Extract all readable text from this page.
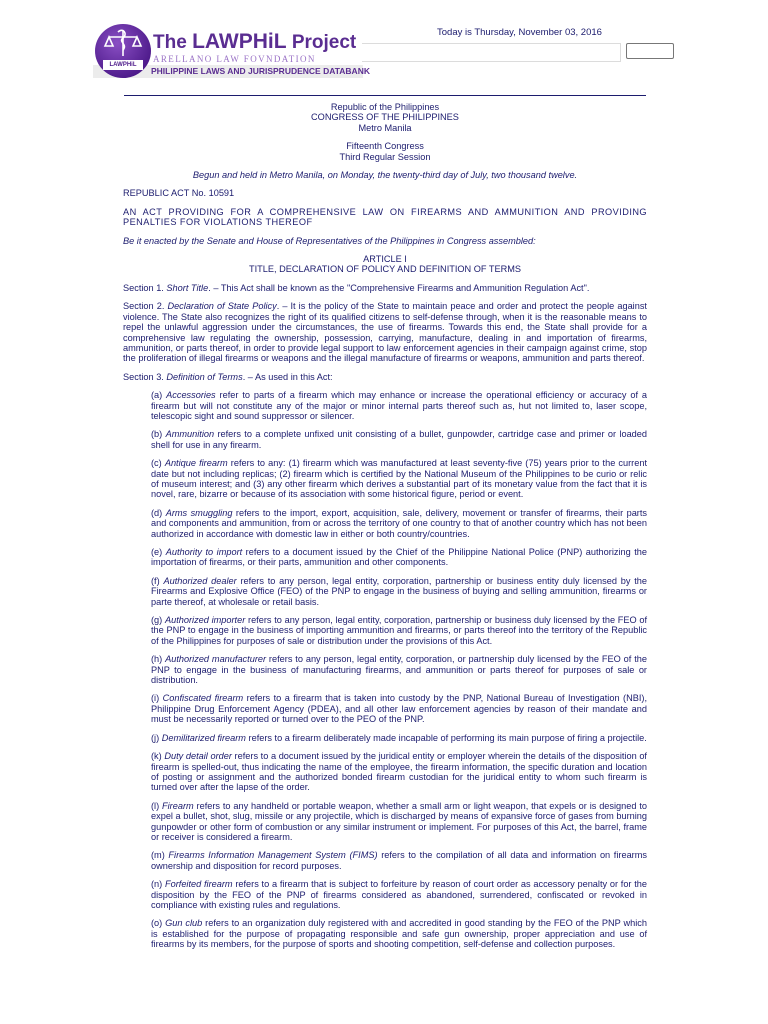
PHILIPPINE LAWS AND JURISPRUDENCE DATABANK
LAWPHiL
The LAWPHiL Project
ARELLANO LAW FOVNDATION
Today is Thursday, November 03, 2016

Republic of the Philippines

CONGRESS OF THE PHILIPPINES

Metro Manila

Fifteenth Congress

Third Regular Session

Begun and held in Metro Manila, on Monday, the twenty-third day of July, two thousand twelve.

REPUBLIC ACT No. 10591

AN ACT PROVIDING FOR A COMPREHENSIVE LAW ON FIREARMS AND AMMUNITION AND PROVIDING PENALTIES FOR VIOLATIONS THEREOF

Be it enacted by the Senate and House of Representatives of the Philippines in Congress assembled:

ARTICLE I

TITLE, DECLARATION OF POLICY AND DEFINITION OF TERMS

Section 1. Short Title. – This Act shall be known as the "Comprehensive Firearms and Ammunition Regulation Act".

Section 2. Declaration of State Policy. – It is the policy of the State to maintain peace and order and protect the people against violence. The State also recognizes the right of its qualified citizens to self-defense through, when it is the reasonable means to repel the unlawful aggression under the circumstances, the use of firearms. Towards this end, the State shall provide for a comprehensive law regulating the ownership, possession, carrying, manufacture, dealing in and importation of firearms, ammunition, or parts thereof, in order to provide legal support to law enforcement agencies in their campaign against crime, stop the proliferation of illegal firearms or weapons and the illegal manufacture of firearms or weapons, ammunition and parts thereof.

Section 3. Definition of Terms. – As used in this Act:

(a) Accessories refer to parts of a firearm which may enhance or increase the operational efficiency or accuracy of a firearm but will not constitute any of the major or minor internal parts thereof such as, hut not limited to, laser scope, telescopic sight and sound suppressor or silencer.

(b) Ammunition refers to a complete unfixed unit consisting of a bullet, gunpowder, cartridge case and primer or loaded shell for use in any firearm.

(c) Antique firearm refers to any: (1) firearm which was manufactured at least seventy-five (75) years prior to the current date but not including replicas; (2) firearm which is certified by the National Museum of the Philippines to be curio or relic of museum interest; and (3) any other firearm which derives a substantial part of its monetary value from the fact that it is novel, rare, bizarre or because of its association with some historical figure, period or event.

(d) Arms smuggling refers to the import, export, acquisition, sale, delivery, movement or transfer of firearms, their parts and components and ammunition, from or across the territory of one country to that of another country which has not been authorized in accordance with domestic law in either or both country/countries.

(e) Authority to import refers to a document issued by the Chief of the Philippine National Police (PNP) authorizing the importation of firearms, or their parts, ammunition and other components.

(f) Authorized dealer refers to any person, legal entity, corporation, partnership or business entity duly licensed by the Firearms and Explosive Office (FEO) of the PNP to engage in the business of buying and selling ammunition, firearms or parte thereof, at wholesale or retail basis.

(g) Authorized importer refers to any person, legal entity, corporation, partnership or business duly licensed by the FEO of the PNP to engage in the business of importing ammunition and firearms, or parts thereof into the territory of the Republic of the Philippines for purposes of sale or distribution under the provisions of this Act.

(h) Authorized manufacturer refers to any person, legal entity, corporation, or partnership duly licensed by the FEO of the PNP to engage in the business of manufacturing firearms, and ammunition or parts thereof for purposes of sale or distribution.

(i) Confiscated firearm refers to a firearm that is taken into custody by the PNP, National Bureau of Investigation (NBI), Philippine Drug Enforcement Agency (PDEA), and all other law enforcement agencies by reason of their mandate and must be necessarily reported or turned over to the PEO of the PNP.

(j) Demilitarized firearm refers to a firearm deliberately made incapable of performing its main purpose of firing a projectile.

(k) Duty detail order refers to a document issued by the juridical entity or employer wherein the details of the disposition of firearm is spelled-out, thus indicating the name of the employee, the firearm information, the specific duration and location of posting or assignment and the authorized bonded firearm custodian for the juridical entity to whom such firearm is turned over after the lapse of the order.

(l) Firearm refers to any handheld or portable weapon, whether a small arm or light weapon, that expels or is designed to expel a bullet, shot, slug, missile or any projectile, which is discharged by means of expansive force of gases from burning gunpowder or other form of combustion or any similar instrument or implement. For purposes of this Act, the barrel, frame or receiver is considered a firearm.

(m) Firearms Information Management System (FIMS) refers to the compilation of all data and information on firearms ownership and disposition for record purposes.

(n) Forfeited firearm refers to a firearm that is subject to forfeiture by reason of court order as accessory penalty or for the disposition by the FEO of the PNP of firearms considered as abandoned, surrendered, confiscated or revoked in compliance with existing rules and regulations.

(o) Gun club refers to an organization duly registered with and accredited in good standing by the FEO of the PNP which is established for the purpose of propagating responsible and safe gun ownership, proper appreciation and use of firearms by its members, for the purpose of sports and shooting competition, self-defense and collection purposes.
